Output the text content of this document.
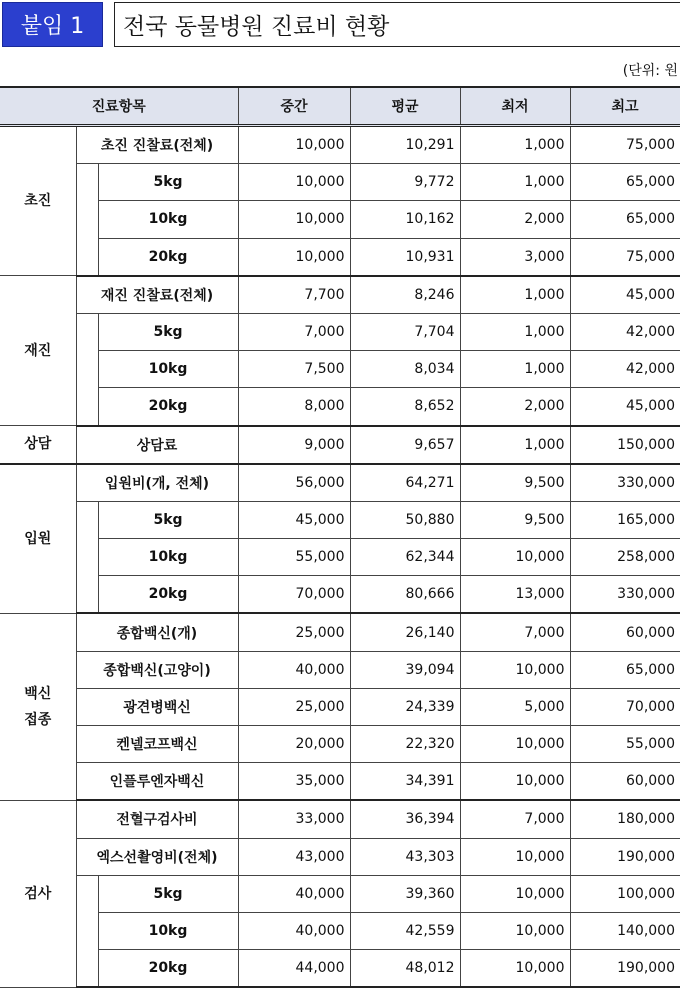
붙임 1	전국 동물병원 진료비 현황
(단위: 원
진료항목			중간	평균	최저	최고
초진	초진 진찰료(전체)		10,000	10,291	1,000	75,000
		5kg	10,000	9,772	1,000	65,000
		10kg	10,000	10,162	2,000	65,000
		20kg	10,000	10,931	3,000	75,000
재진	재진 진찰료(전체)		7,700	8,246	1,000	45,000
		5kg	7,000	7,704	1,000	42,000
		10kg	7,500	8,034	1,000	42,000
		20kg	8,000	8,652	2,000	45,000
상담	상담료		9,000	9,657	1,000	150,000
입원	입원비(개, 전체)		56,000	64,271	9,500	330,000
		5kg	45,000	50,880	9,500	165,000
		10kg	55,000	62,344	10,000	258,000
		20kg	70,000	80,666	13,000	330,000
백신
접종	종합백신(개)		25,000	26,140	7,000	60,000
	종합백신(고양이)		40,000	39,094	10,000	65,000
	광견병백신		25,000	24,339	5,000	70,000
	켄넬코프백신		20,000	22,320	10,000	55,000
	인플루엔자백신		35,000	34,391	10,000	60,000
검사	전혈구검사비		33,000	36,394	7,000	180,000
	엑스선촬영비(전체)		43,000	43,303	10,000	190,000
		5kg	40,000	39,360	10,000	100,000
		10kg	40,000	42,559	10,000	140,000
		20kg	44,000	48,012	10,000	190,000
